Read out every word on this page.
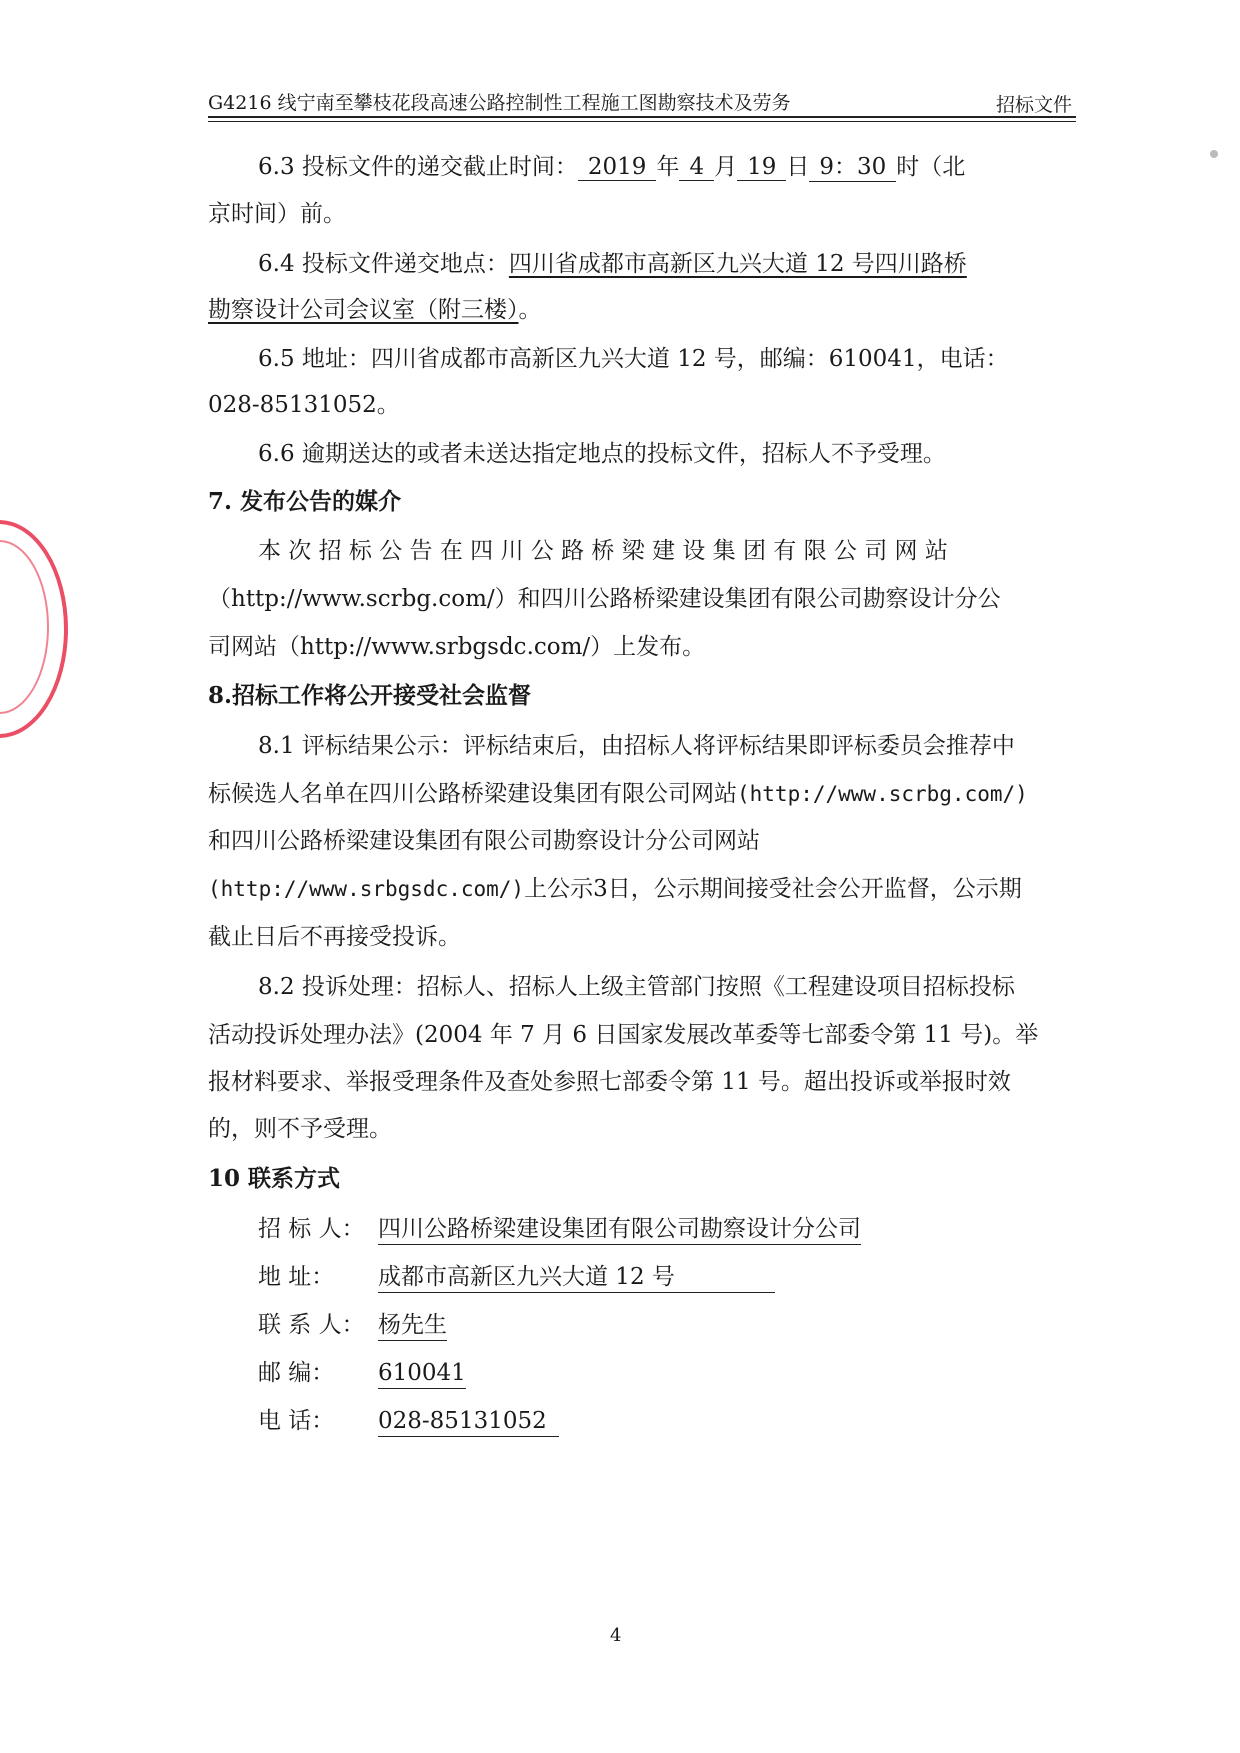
G4216 线宁南至攀枝花段高速公路控制性工程施工图勘察技术及劳务	招标文件
6.3 投标文件的递交截止时间： 2019 年 4 月 19 日 9：30 时（北
京时间）前。
6.4 投标文件递交地点：四川省成都市高新区九兴大道 12 号四川路桥
勘察设计公司会议室（附三楼）。
6.5 地址：四川省成都市高新区九兴大道 12 号，邮编：610041，电话：
028-85131052。
6.6 逾期送达的或者未送达指定地点的投标文件，招标人不予受理。
7. 发布公告的媒介
本 次 招 标 公 告 在 四 川 公 路 桥 梁 建 设 集 团 有 限 公 司 网 站
（http://www.scrbg.com/）和四川公路桥梁建设集团有限公司勘察设计分公
司网站（http://www.srbgsdc.com/）上发布。
8.招标工作将公开接受社会监督
8.1 评标结果公示：评标结束后，由招标人将评标结果即评标委员会推荐中
标候选人名单在四川公路桥梁建设集团有限公司网站(http://www.scrbg.com/)
和四川公路桥梁建设集团有限公司勘察设计分公司网站
(http://www.srbgsdc.com/)上公示3日，公示期间接受社会公开监督，公示期
截止日后不再接受投诉。
8.2 投诉处理：招标人、招标人上级主管部门按照《工程建设项目招标投标
活动投诉处理办法》(2004 年 7 月 6 日国家发展改革委等七部委令第 11 号)。举
报材料要求、举报受理条件及查处参照七部委令第 11 号。超出投诉或举报时效
的，则不予受理。
10 联系方式
招 标 人： 四川公路桥梁建设集团有限公司勘察设计分公司
地 址： 成都市高新区九兴大道 12 号
联 系 人： 杨先生
邮 编： 610041
电 话： 028-85131052
4
